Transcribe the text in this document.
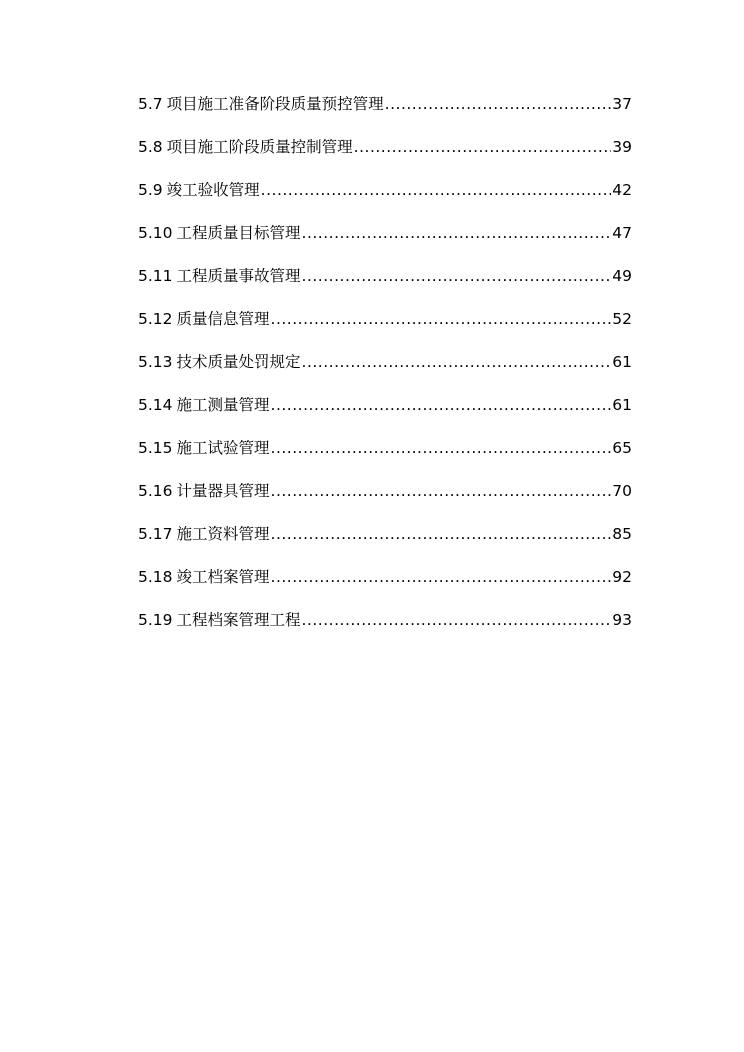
5.7 项目施工准备阶段质量预控管理 .....	37
5.8 项目施工阶段质量控制管理 .....	39
5.9 竣工验收管理 .....	42
5.10 工程质量目标管理 .....	47
5.11 工程质量事故管理 .....	49
5.12 质量信息管理 .....	52
5.13 技术质量处罚规定 .....	61
5.14 施工测量管理 .....	61
5.15 施工试验管理 .....	65
5.16 计量器具管理 .....	70
5.17 施工资料管理 .....	85
5.18 竣工档案管理 .....	92
5.19 工程档案管理工程 .....	93
